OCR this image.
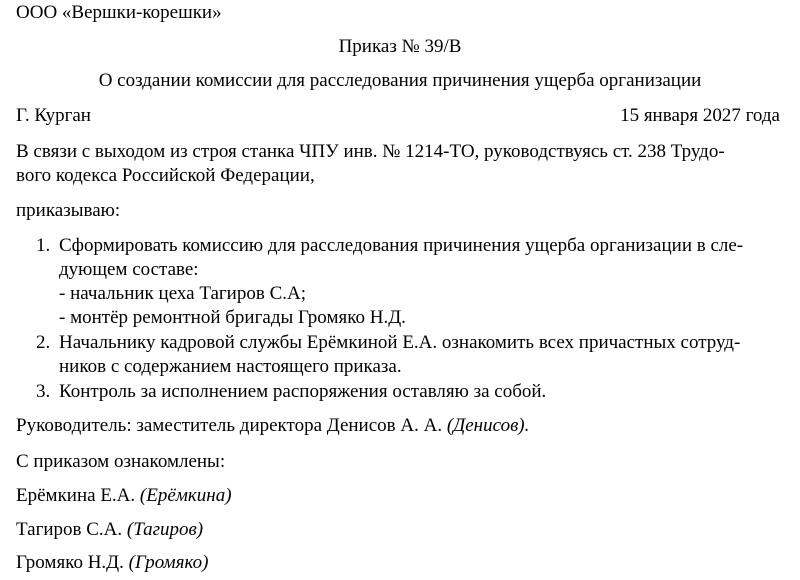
ООО «Вершки-корешки»
Приказ № 39/В
О создании комиссии для расследования причинения ущерба организации
Г. Курган	15 января 2027 года
В связи с выходом из строя станка ЧПУ инв. № 1214-ТО, руководствуясь ст. 238 Трудо-
вого кодекса Российской Федерации,
приказываю:
1. Сформировать комиссию для расследования причинения ущерба организации в сле-
дующем составе:
- начальник цеха Тагиров С.А;
- монтёр ремонтной бригады Громяко Н.Д.
2. Начальнику кадровой службы Ерёмкиной Е.А. ознакомить всех причастных сотруд-
ников с содержанием настоящего приказа.
3. Контроль за исполнением распоряжения оставляю за собой.
Руководитель: заместитель директора Денисов А. А. (Денисов).
С приказом ознакомлены:
Ерёмкина Е.А. (Ерёмкина)
Тагиров С.А. (Тагиров)
Громяко Н.Д. (Громяко)
